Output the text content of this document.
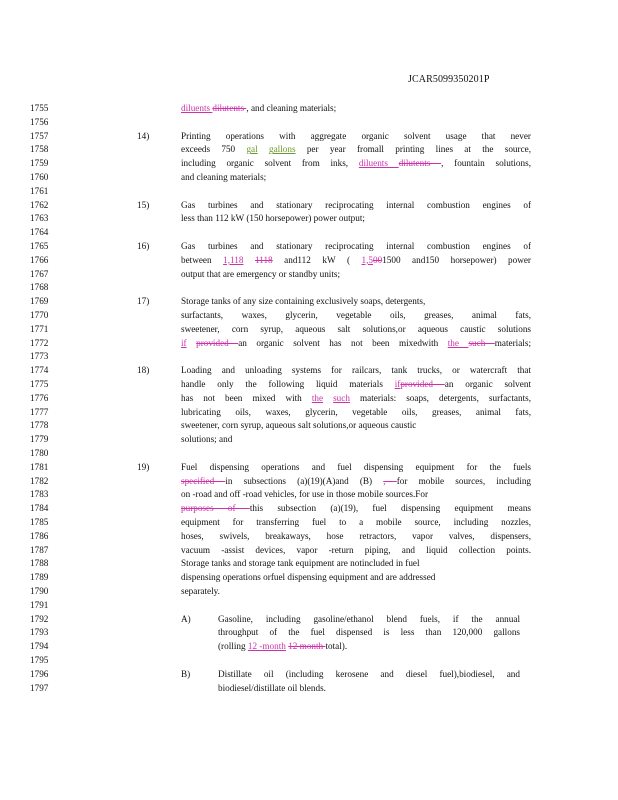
JCAR5099350201P
1755	diluents dilutents , and cleaning materials;
1756
1757	14)	Printing operations with aggregate organic solvent usage that never
1758	exceeds 750 gal gallons per year fromall printing lines at the source,
1759	including organic solvent from inks, diluents dilutents , fountain solutions,
1760	and cleaning materials;
1761
1762	15)	Gas turbines and stationary reciprocating internal combustion engines of
1763	less than 112 kW (150 horsepower) power output;
1764
1765	16)	Gas turbines and stationary reciprocating internal combustion engines of
1766	between 1,118 1118 and112 kW ( 1,5001500 and150 horsepower) power
1767	output that are emergency or standby units;
1768
1769	17)	Storage tanks of any size containing exclusively soaps, detergents,
1770	surfactants, waxes, glycerin, vegetable oils, greases, animal fats,
1771	sweetener, corn syrup, aqueous salt solutions,or aqueous caustic solutions
1772	if provided an organic solvent has not been mixedwith the such materials;
1773
1774	18)	Loading and unloading systems for railcars, tank trucks, or watercraft that
1775	handle only the following liquid materials ifprovided an organic solvent
1776	has not been mixed with the such materials: soaps, detergents, surfactants,
1777	lubricating oils, waxes, glycerin, vegetable oils, greases, animal fats,
1778	sweetener, corn syrup, aqueous salt solutions,or aqueous caustic
1779	solutions; and
1780
1781	19)	Fuel dispensing operations and fuel dispensing equipment for the fuels
1782	specified in subsections (a)(19)(A)and (B) , for mobile sources, including
1783	on -road and off -road vehicles, for use in those mobile sources.For
1784	purposes of this subsection (a)(19), fuel dispensing equipment means
1785	equipment for transferring fuel to a mobile source, including nozzles,
1786	hoses, swivels, breakaways, hose retractors, vapor valves, dispensers,
1787	vacuum -assist devices, vapor -return piping, and liquid collection points.
1788	Storage tanks and storage tank equipment are notincluded in fuel
1789	dispensing operations orfuel dispensing equipment and are addressed
1790	separately.
1791
1792	A)	Gasoline, including gasoline/ethanol blend fuels, if the annual
1793	throughput of the fuel dispensed is less than 120,000 gallons
1794	(rolling 12 -month 12 month total).
1795
1796	B)	Distillate oil (including kerosene and diesel fuel),biodiesel, and
1797	biodiesel/distillate oil blends.
